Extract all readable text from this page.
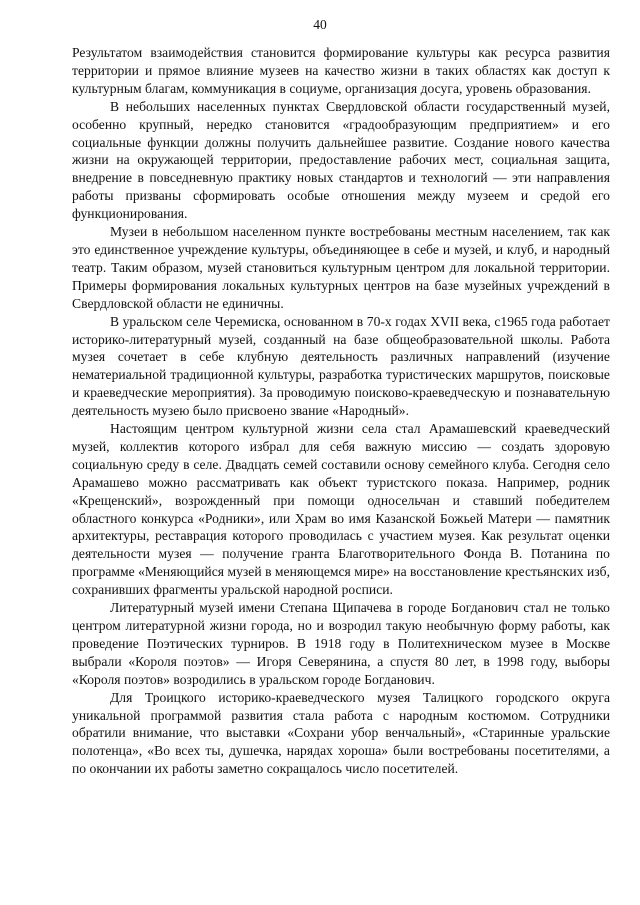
40

Результатом взаимодействия становится формирование культуры как ресурса развития территории и прямое влияние музеев на качество жизни в таких областях как доступ к культурным благам, коммуникация в социуме, организация досуга, уровень образования.

В небольших населенных пунктах Свердловской области государственный музей, особенно крупный, нередко становится «градообразующим предприятием» и его социальные функции должны получить дальнейшее развитие. Создание нового качества жизни на окружающей территории, предоставление рабочих мест, социальная защита, внедрение в повседневную практику новых стандартов и технологий — эти направления работы призваны сформировать особые отношения между музеем и средой его функционирования.

Музеи в небольшом населенном пункте востребованы местным населением, так как это единственное учреждение культуры, объединяющее в себе и музей, и клуб, и народный театр. Таким образом, музей становиться культурным центром для локальной территории. Примеры формирования локальных культурных центров на базе музейных учреждений в Свердловской области не единичны.

В уральском селе Черемиска, основанном в 70-х годах XVII века, с1965 года работает историко-литературный музей, созданный на базе общеобразовательной школы. Работа музея сочетает в себе клубную деятельность различных направлений (изучение нематериальной традиционной культуры, разработка туристических маршрутов, поисковые и краеведческие мероприятия). За проводимую поисково-краеведческую и познавательную деятельность музею было присвоено звание «Народный».

Настоящим центром культурной жизни села стал Арамашевский краеведческий музей, коллектив которого избрал для себя важную миссию — создать здоровую социальную среду в селе. Двадцать семей составили основу семейного клуба. Сегодня село Арамашево можно рассматривать как объект туристского показа. Например, родник «Крещенский», возрожденный при помощи односельчан и ставший победителем областного конкурса «Родники», или Храм во имя Казанской Божьей Матери — памятник архитектуры, реставрация которого проводилась с участием музея. Как результат оценки деятельности музея — получение гранта Благотворительного Фонда В. Потанина по программе «Меняющийся музей в меняющемся мире» на восстановление крестьянских изб, сохранивших фрагменты уральской народной росписи.

Литературный музей имени Степана Щипачева в городе Богданович стал не только центром литературной жизни города, но и возродил такую необычную форму работы, как проведение Поэтических турниров. В 1918 году в Политехническом музее в Москве выбрали «Короля поэтов» — Игоря Северянина, а спустя 80 лет, в 1998 году, выборы «Короля поэтов» возродились в уральском городе Богданович.

Для Троицкого историко-краеведческого музея Талицкого городского округа уникальной программой развития стала работа с народным костюмом. Сотрудники обратили внимание, что выставки «Сохрани убор венчальный», «Старинные уральские полотенца», «Во всех ты, душечка, нарядах хороша» были востребованы посетителями, а по окончании их работы заметно сокращалось число посетителей.
